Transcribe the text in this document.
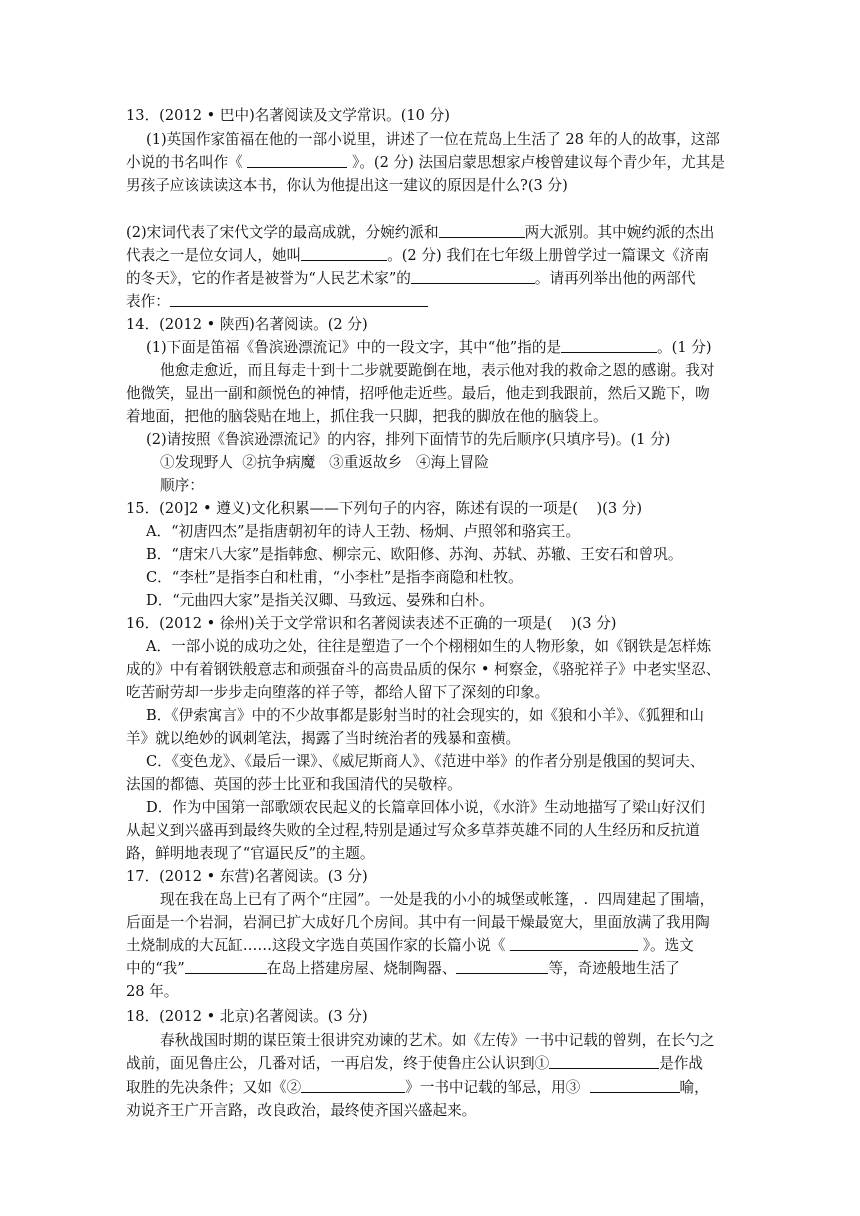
13．(2012 • 巴中)名著阅读及文学常识。(10 分)
(1)英国作家笛福在他的一部小说里，讲述了一位在荒岛上生活了 28 年的人的故事，这部
小说的书名叫作《	》。(2 分) 法国启蒙思想家卢梭曾建议每个青少年，尤其是
男孩子应该读读这本书，你认为他提出这一建议的原因是什么?(3 分)
(2)宋词代表了宋代文学的最高成就，分婉约派和	两大派别。其中婉约派的杰出
代表之一是位女词人，她叫	。(2 分) 我们在七年级上册曾学过一篇课文《济南
的冬天》，它的作者是被誉为“人民艺术家”的	。请再列举出他的两部代
表作：
14．(2012 • 陕西)名著阅读。(2 分)
(1)下面是笛福《鲁滨逊漂流记》中的一段文字，其中“他”指的是	。(1 分)
他愈走愈近，而且每走十到十二步就要跪倒在地，表示他对我的救命之恩的感谢。我对
他微笑，显出一副和颜悦色的神情，招呼他走近些。最后，他走到我跟前，然后又跪下，吻
着地面，把他的脑袋贴在地上，抓住我一只脚，把我的脚放在他的脑袋上。
(2)请按照《鲁滨逊漂流记》的内容，排列下面情节的先后顺序(只填序号)。(1 分)
①发现野人  ②抗争病魔   ③重返故乡   ④海上冒险
顺序：
15．(20]2 • 遵义)文化积累——下列句子的内容，陈述有误的一项是(    )(3 分)
A．“初唐四杰”是指唐朝初年的诗人王勃、杨炯、卢照邻和骆宾王。
B．“唐宋八大家”是指韩愈、柳宗元、欧阳修、苏洵、苏轼、苏辙、王安石和曾巩。
C．“李杜”是指李白和杜甫，“小李杜”是指李商隐和杜牧。
D．“元曲四大家”是指关汉卿、马致远、晏殊和白朴。
16．(2012 • 徐州)关于文学常识和名著阅读表述不正确的一项是(    )(3 分)
A．一部小说的成功之处，往往是塑造了一个个栩栩如生的人物形象，如《钢铁是怎样炼
成的》中有着钢铁般意志和顽强奋斗的高贵品质的保尔 • 柯察金，《骆驼祥子》中老实坚忍、
吃苦耐劳却一步步走向堕落的祥子等，都给人留下了深刻的印象。
B．《伊索寓言》中的不少故事都是影射当时的社会现实的，如《狼和小羊》、《狐狸和山
羊》就以绝妙的讽刺笔法，揭露了当时统治者的残暴和蛮横。
C．《变色龙》、《最后一课》、《威尼斯商人》、《范进中举》的作者分别是俄国的契诃夫、
法国的都德、英国的莎士比亚和我国清代的吴敬梓。
D．作为中国第一部歌颂农民起义的长篇章回体小说，《水浒》生动地描写了梁山好汉们
从起义到兴盛再到最终失败的全过程,特别是通过写众多草莽英雄不同的人生经历和反抗道
路，鲜明地表现了“官逼民反”的主题。
17．(2012 • 东营)名著阅读。(3 分)
现在我在岛上已有了两个“庄园”。一处是我的小小的城堡或帐篷，.  四周建起了围墙，
后面是一个岩洞，岩洞已扩大成好几个房间。其中有一间最干燥最宽大，里面放满了我用陶
土烧制成的大瓦缸……这段文字选自英国作家的长篇小说《	》。选文
中的“我”	在岛上搭建房屋、烧制陶器、	等，奇迹般地生活了
28 年。
18．(2012 • 北京)名著阅读。(3 分)
春秋战国时期的谋臣策士很讲究劝谏的艺术。如《左传》一书中记载的曾刿，在长勺之
战前，面见鲁庄公，几番对话，一再启发，终于使鲁庄公认识到①	是作战
取胜的先决条件；又如《②	》一书中记载的邹忌，用③	喻，
劝说齐王广开言路，改良政治，最终使齐国兴盛起来。
